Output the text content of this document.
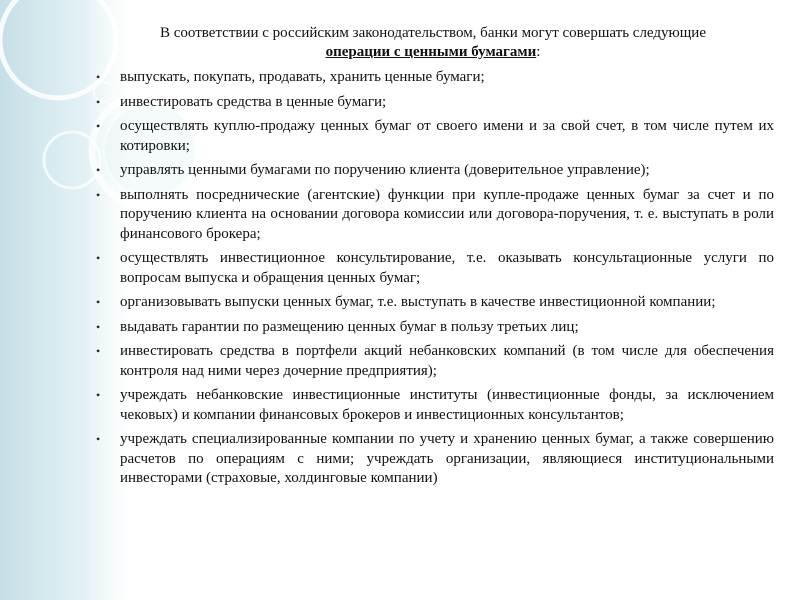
В соответствии с российским законодательством, банки могут совершать следующие
операции с ценными бумагами:

• выпускать, покупать, продавать, хранить ценные бумаги;
• инвестировать средства в ценные бумаги;
• осуществлять куплю-продажу ценных бумаг от своего имени и за свой счет, в том числе путем их котировки;
• управлять ценными бумагами по поручению клиента (доверительное управление);
• выполнять посреднические (агентские) функции при купле-продаже ценных бумаг за счет и по поручению клиента на основании договора комиссии или договора-поручения, т. е. выступать в роли финансового брокера;
• осуществлять инвестиционное консультирование, т.е. оказывать консультационные услуги по вопросам выпуска и обращения ценных бумаг;
• организовывать выпуски ценных бумаг, т.е. выступать в качестве инвестиционной компании;
• выдавать гарантии по размещению ценных бумаг в пользу третьих лиц;
• инвестировать средства в портфели акций небанковских компаний (в том числе для обеспечения контроля над ними через дочерние предприятия);
• учреждать небанковские инвестиционные институты (инвестиционные фонды, за исключением чековых) и компании финансовых брокеров и инвестиционных консультантов;
• учреждать специализированные компании по учету и хранению ценных бумаг, а также совершению расчетов по операциям с ними; учреждать организации, являющиеся институциональными инвесторами (страховые, холдинговые компании)
